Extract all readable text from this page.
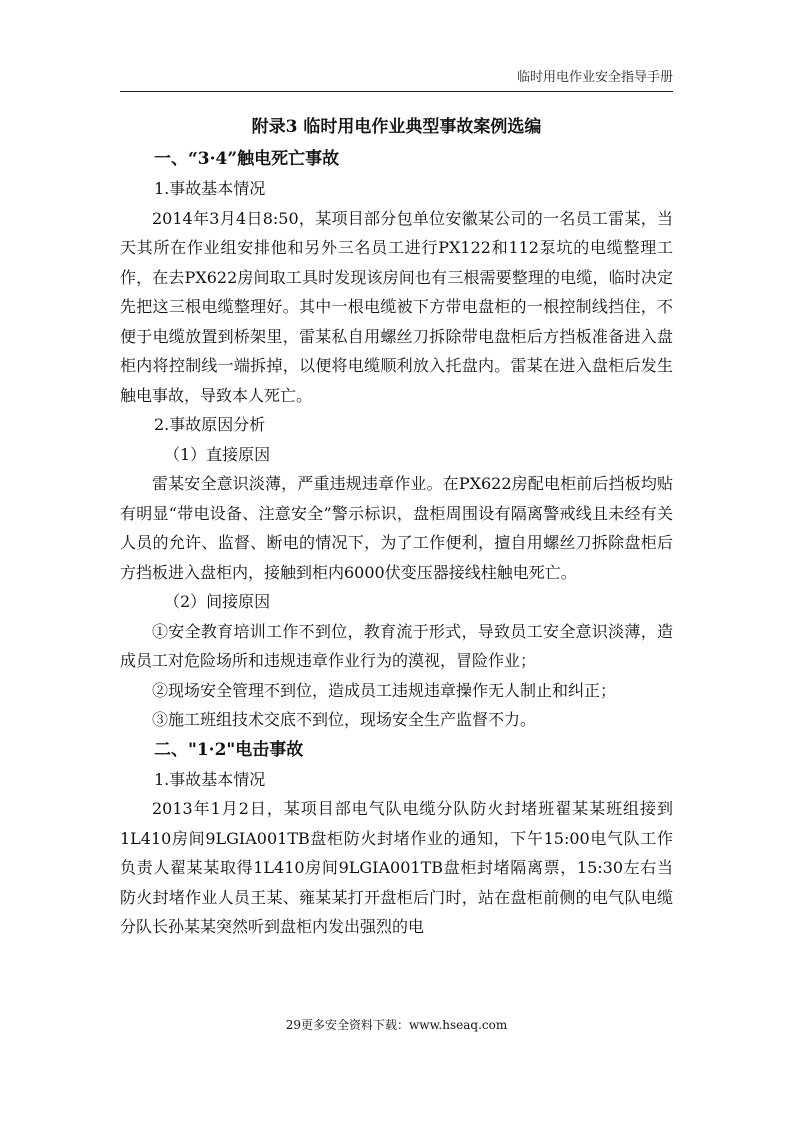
临时用电作业安全指导手册
附录3 临时用电作业典型事故案例选编
一、“3·4”触电死亡事故
1.事故基本情况

2014年3月4日8:50，某项目部分包单位安徽某公司的一名员工雷某，当天其所在作业组安排他和另外三名员工进行PX122和112泵坑的电缆整理工作，在去PX622房间取工具时发现该房间也有三根需要整理的电缆，临时决定先把这三根电缆整理好。其中一根电缆被下方带电盘柜的一根控制线挡住，不便于电缆放置到桥架里，雷某私自用螺丝刀拆除带电盘柜后方挡板准备进入盘柜内将控制线一端拆掉，以便将电缆顺利放入托盘内。雷某在进入盘柜后发生触电事故，导致本人死亡。

2.事故原因分析
（1）直接原因

雷某安全意识淡薄，严重违规违章作业。在PX622房配电柜前后挡板均贴有明显“带电设备、注意安全”警示标识，盘柜周围设有隔离警戒线且未经有关人员的允许、监督、断电的情况下，为了工作便利，擅自用螺丝刀拆除盘柜后方挡板进入盘柜内，接触到柜内6000伏变压器接线柱触电死亡。

（2）间接原因

①安全教育培训工作不到位，教育流于形式，导致员工安全意识淡薄，造成员工对危险场所和违规违章作业行为的漠视，冒险作业；

②现场安全管理不到位，造成员工违规违章操作无人制止和纠正；

③施工班组技术交底不到位，现场安全生产监督不力。

二、"1·2"电击事故
1.事故基本情况

2013年1月2日，某项目部电气队电缆分队防火封堵班翟某某班组接到1L410房间9LGIA001TB盘柜防火封堵作业的通知，下午15:00电气队工作负责人翟某某取得1L410房间9LGIA001TB盘柜封堵隔离票，15:30左右当防火封堵作业人员王某、雍某某打开盘柜后门时，站在盘柜前侧的电气队电缆分队长孙某某突然听到盘柜内发出强烈的电

29更多安全资料下载：www.hseaq.com
